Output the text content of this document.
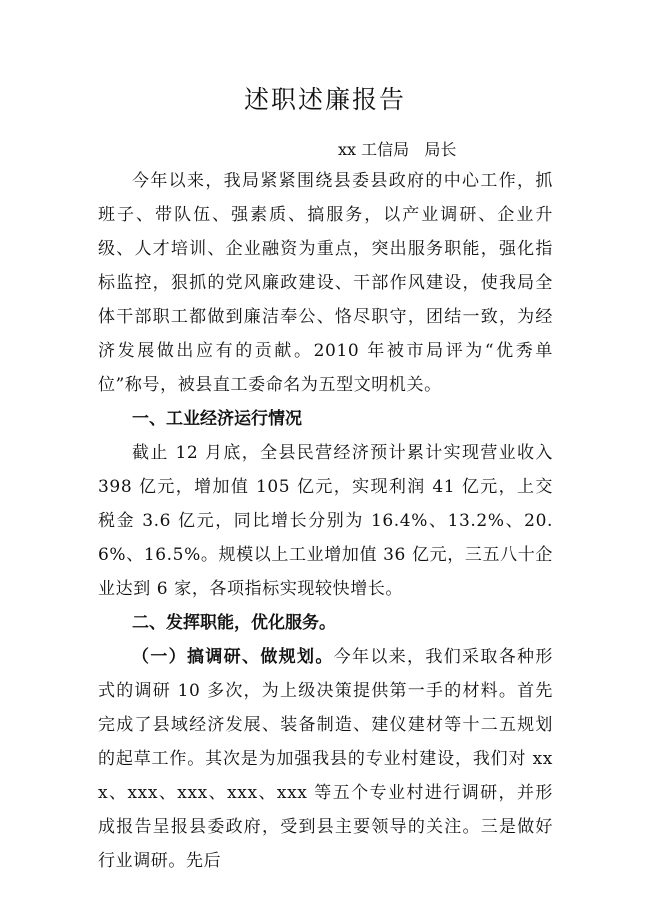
述职述廉报告
xx 工信局   局长

今年以来，我局紧紧围绕县委县政府的中心工作，抓班子、带队伍、强素质、搞服务，以产业调研、企业升级、人才培训、企业融资为重点，突出服务职能，强化指标监控，狠抓的党风廉政建设、干部作风建设，使我局全体干部职工都做到廉洁奉公、恪尽职守，团结一致，为经济发展做出应有的贡献。2010 年被市局评为“优秀单位”称号，被县直工委命名为五型文明机关。

一、工业经济运行情况

截止 12 月底，全县民营经济预计累计实现营业收入 398 亿元，增加值 105 亿元，实现利润 41 亿元，上交税金 3.6 亿元，同比增长分别为 16.4%、13.2%、20.6%、16.5%。规模以上工业增加值 36 亿元，三五八十企业达到 6 家，各项指标实现较快增长。

二、发挥职能，优化服务。

（一）搞调研、做规划。今年以来，我们采取各种形式的调研 10 多次，为上级决策提供第一手的材料。首先完成了县域经济发展、装备制造、建仪建材等十二五规划的起草工作。其次是为加强我县的专业村建设，我们对 xxx、xxx、xxx、xxx、xxx 等五个专业村进行调研，并形成报告呈报县委政府，受到县主要领导的关注。三是做好行业调研。先后
